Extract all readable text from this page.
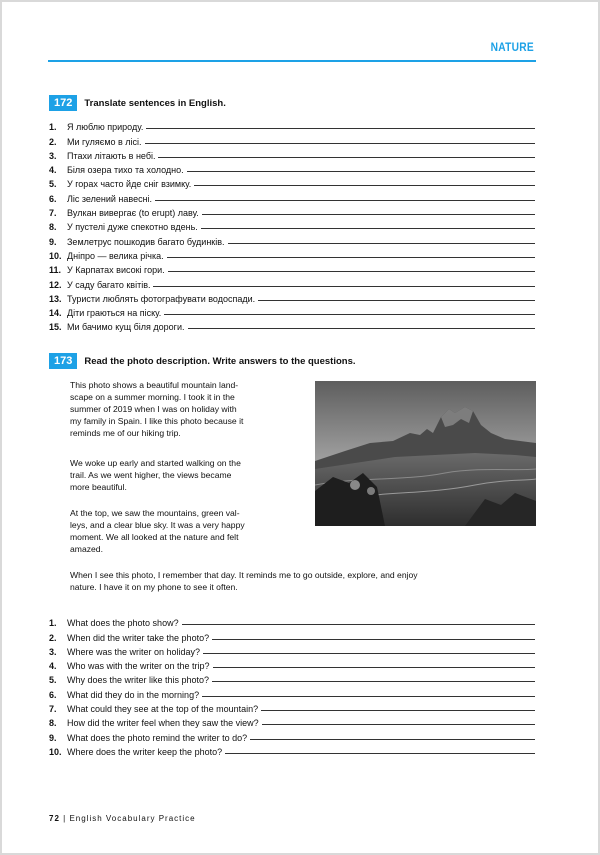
NATURE
172	Translate sentences in English.
1.	Я люблю природу.
2.	Ми гуляємо в лісі.
3.	Птахи літають в небі.
4.	Біля озера тихо та холодно.
5.	У горах часто йде сніг взимку.
6.	Ліс зелений навесні.
7.	Вулкан вивергає (to erupt) лаву.
8.	У пустелі дуже спекотно вдень.
9.	Землетрус пошкодив багато будинків.
10. Дніпро — велика річка.
11. У Карпатах високі гори.
12. У саду багато квітів.
13. Туристи люблять фотографувати водоспади.
14. Діти граються на піску.
15. Ми бачимо кущ біля дороги.
173	Read the photo description. Write answers to the questions.

This photo shows a beautiful mountain land-
scape on a summer morning. I took it in the
summer of 2019 when I was on holiday with
my family in Spain. I like this photo because it
reminds me of our hiking trip.

We woke up early and started walking on the
trail. As we went higher, the views became
more beautiful.

At the top, we saw the mountains, green val-
leys, and a clear blue sky. It was a very happy
moment. We all looked at the nature and felt
amazed.

When I see this photo, I remember that day. It reminds me to go outside, explore, and enjoy
nature. I have it on my phone to see it often.

1.	What does the photo show?
2.	When did the writer take the photo?
3.	Where was the writer on holiday?
4.	Who was with the writer on the trip?
5.	Why does the writer like this photo?
6.	What did they do in the morning?
7.	What could they see at the top of the mountain?
8.	How did the writer feel when they saw the view?
9.	What does the photo remind the writer to do?
10. Where does the writer keep the photo?
72 | English Vocabulary Practice
